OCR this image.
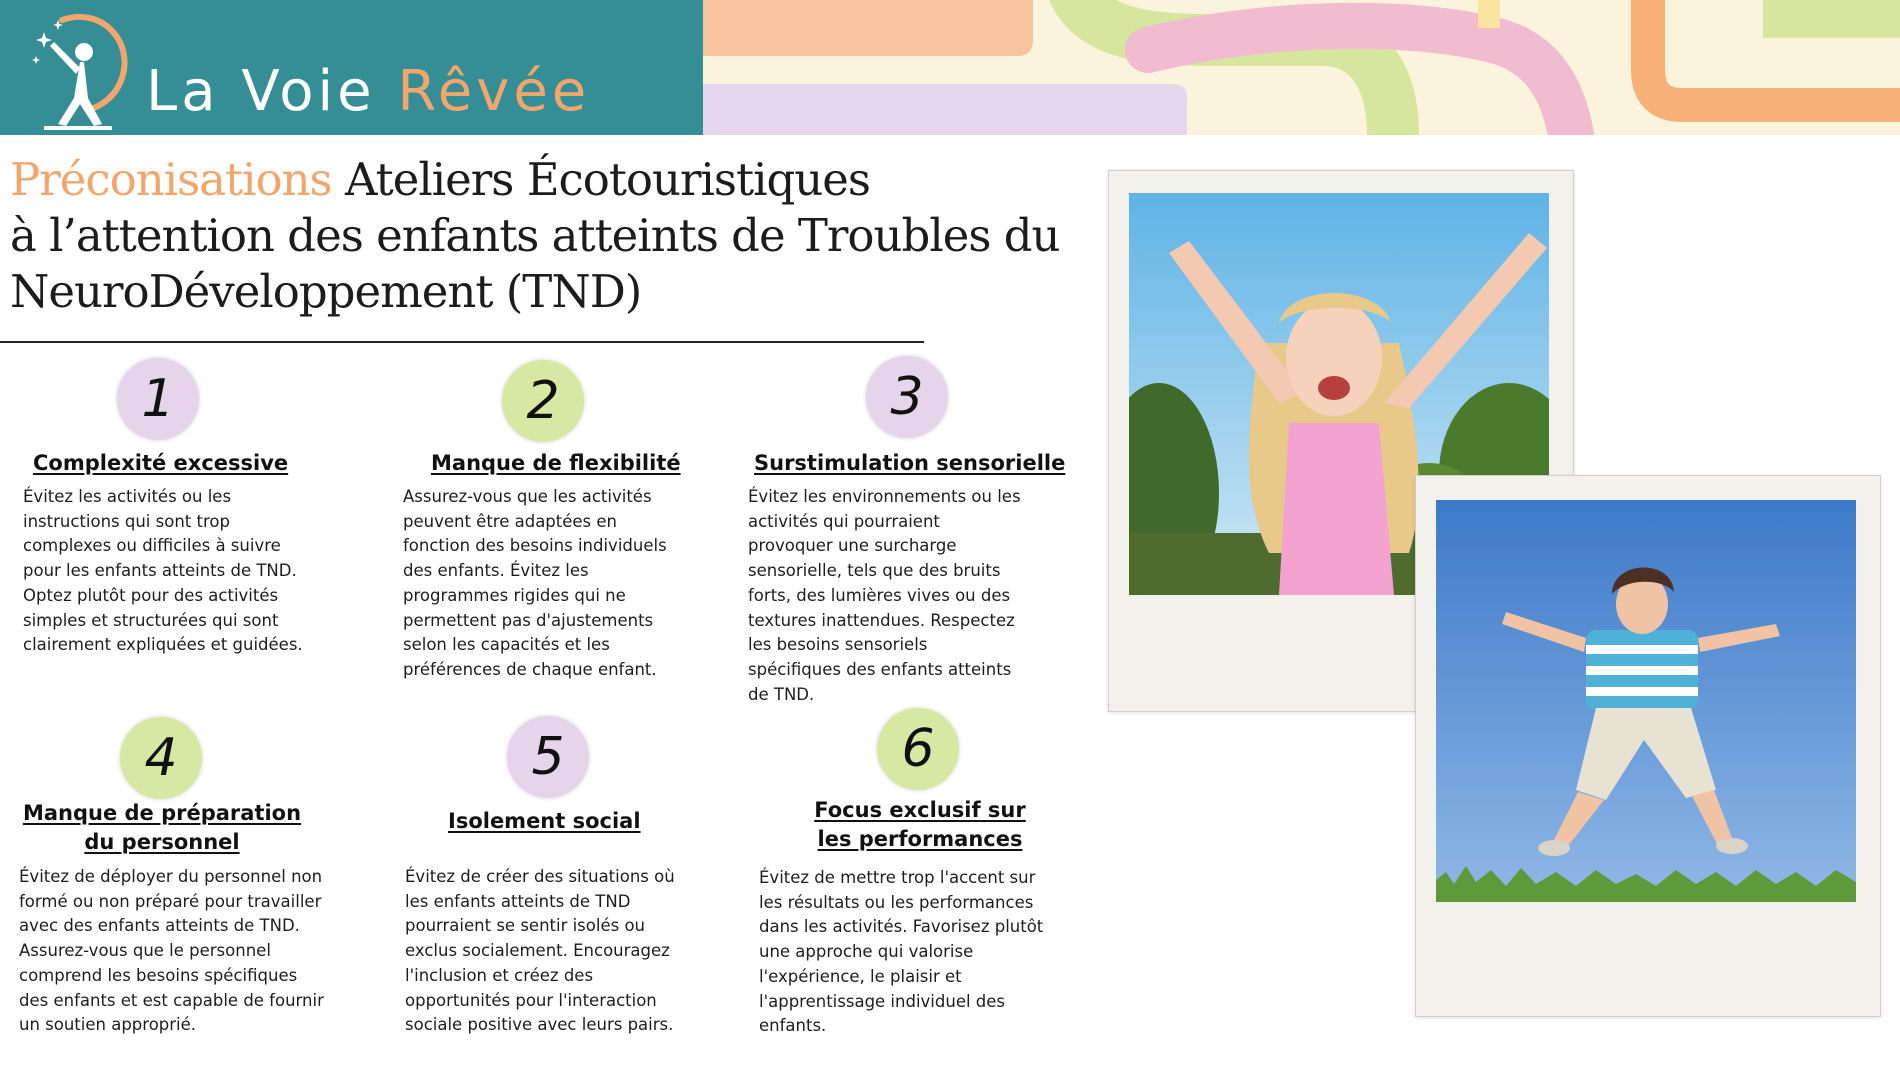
La Voie Rêvée
Préconisations Ateliers Écotouristiques
à l’attention des enfants atteints de Troubles du
NeuroDéveloppement (TND)
1
Complexité excessive
Évitez les activités ou les
instructions qui sont trop
complexes ou difficiles à suivre
pour les enfants atteints de TND.
Optez plutôt pour des activités
simples et structurées qui sont
clairement expliquées et guidées.
2
Manque de flexibilité
Assurez-vous que les activités
peuvent être adaptées en
fonction des besoins individuels
des enfants. Évitez les
programmes rigides qui ne
permettent pas d'ajustements
selon les capacités et les
préférences de chaque enfant.
3
Surstimulation sensorielle
Évitez les environnements ou les
activités qui pourraient
provoquer une surcharge
sensorielle, tels que des bruits
forts, des lumières vives ou des
textures inattendues. Respectez
les besoins sensoriels
spécifiques des enfants atteints
de TND.
4
Manque de préparation
du personnel
Évitez de déployer du personnel non
formé ou non préparé pour travailler
avec des enfants atteints de TND.
Assurez-vous que le personnel
comprend les besoins spécifiques
des enfants et est capable de fournir
un soutien approprié.
5
Isolement social
Évitez de créer des situations où
les enfants atteints de TND
pourraient se sentir isolés ou
exclus socialement. Encouragez
l'inclusion et créez des
opportunités pour l'interaction
sociale positive avec leurs pairs.
6
Focus exclusif sur
les performances
Évitez de mettre trop l'accent sur
les résultats ou les performances
dans les activités. Favorisez plutôt
une approche qui valorise
l'expérience, le plaisir et
l'apprentissage individuel des
enfants.
